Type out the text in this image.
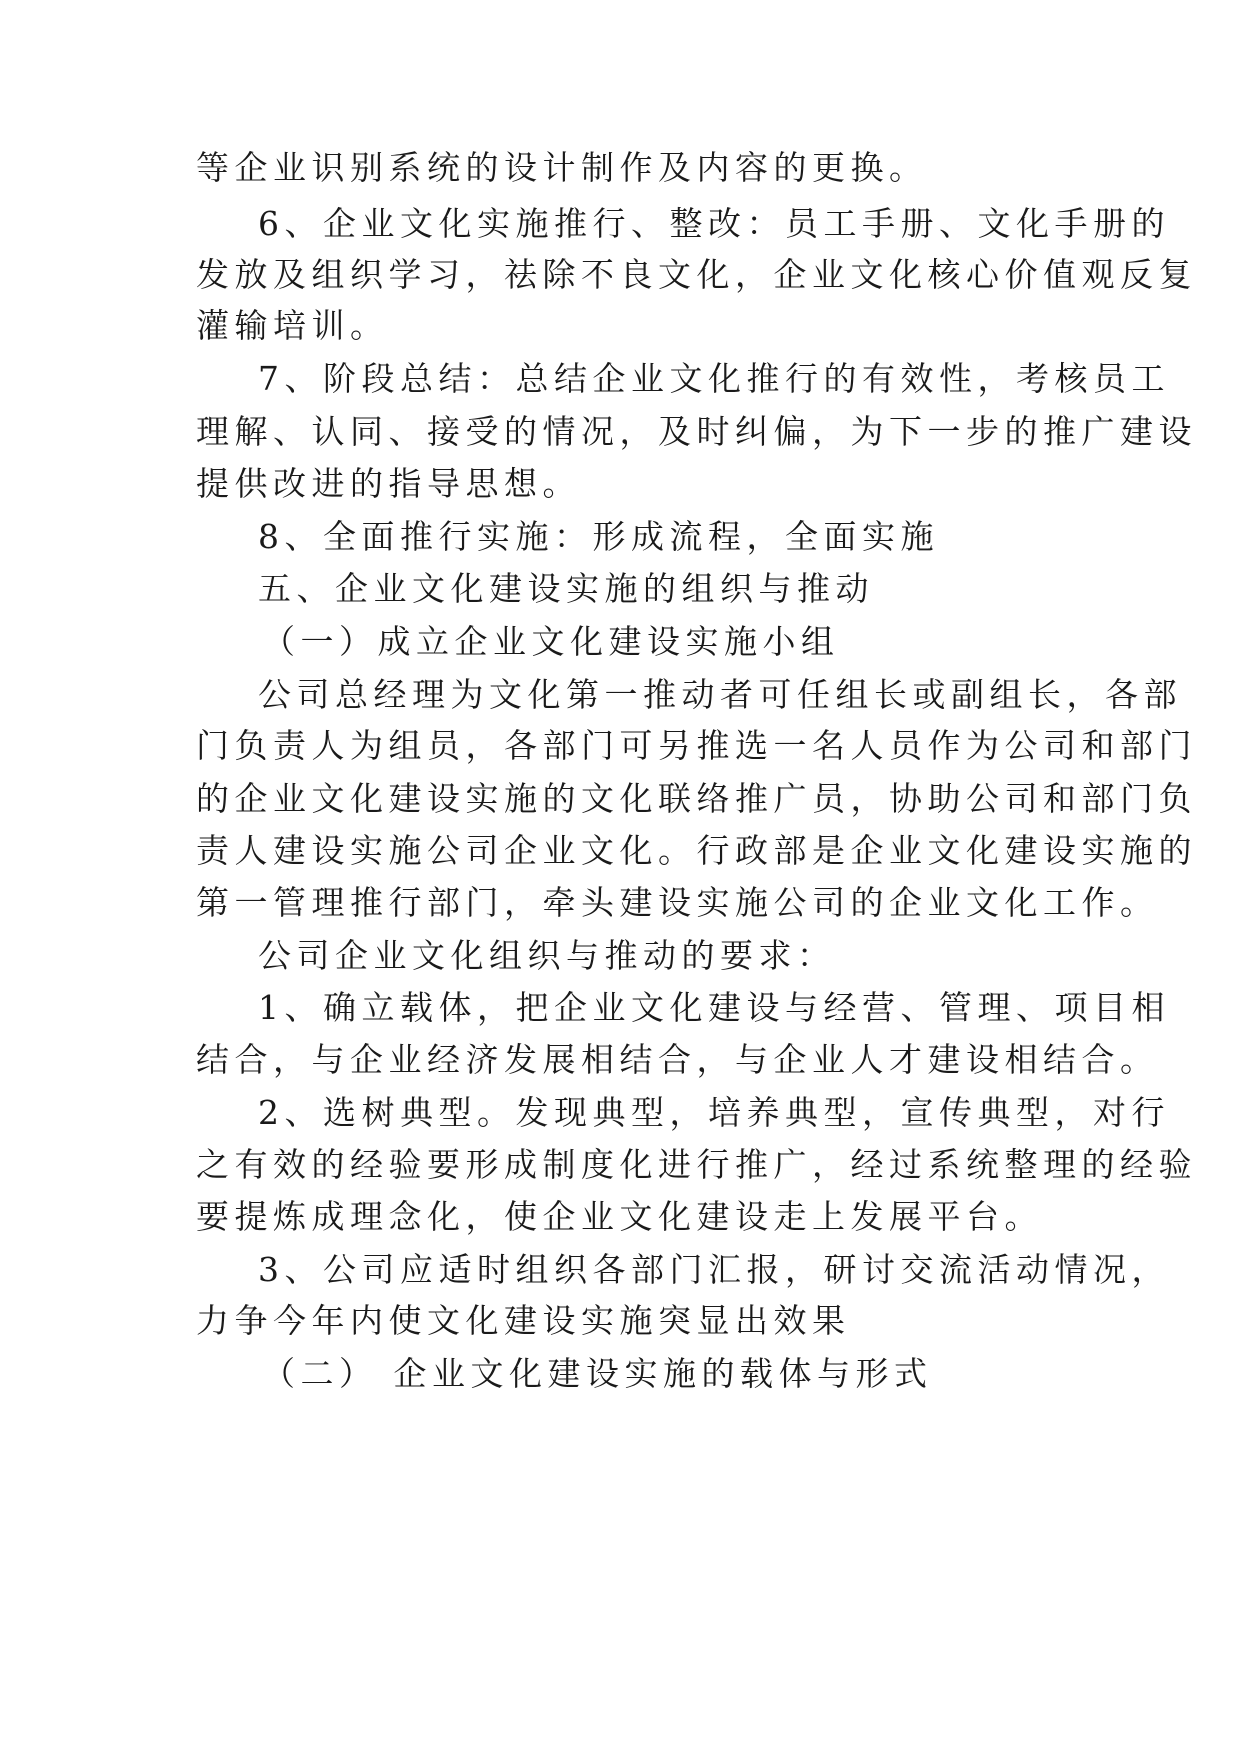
等企业识别系统的设计制作及内容的更换。
6、企业文化实施推行、整改：员工手册、文化手册的
发放及组织学习，祛除不良文化，企业文化核心价值观反复
灌输培训。
7、阶段总结：总结企业文化推行的有效性，考核员工
理解、认同、接受的情况，及时纠偏，为下一步的推广建设
提供改进的指导思想。
8、全面推行实施：形成流程，全面实施
五、企业文化建设实施的组织与推动
（一）成立企业文化建设实施小组
公司总经理为文化第一推动者可任组长或副组长，各部
门负责人为组员，各部门可另推选一名人员作为公司和部门
的企业文化建设实施的文化联络推广员，协助公司和部门负
责人建设实施公司企业文化。行政部是企业文化建设实施的
第一管理推行部门，牵头建设实施公司的企业文化工作。
公司企业文化组织与推动的要求：
1、确立载体，把企业文化建设与经营、管理、项目相
结合，与企业经济发展相结合，与企业人才建设相结合。
2、选树典型。发现典型，培养典型，宣传典型，对行
之有效的经验要形成制度化进行推广，经过系统整理的经验
要提炼成理念化，使企业文化建设走上发展平台。
3、公司应适时组织各部门汇报，研讨交流活动情况，
力争今年内使文化建设实施突显出效果
（二） 企业文化建设实施的载体与形式
